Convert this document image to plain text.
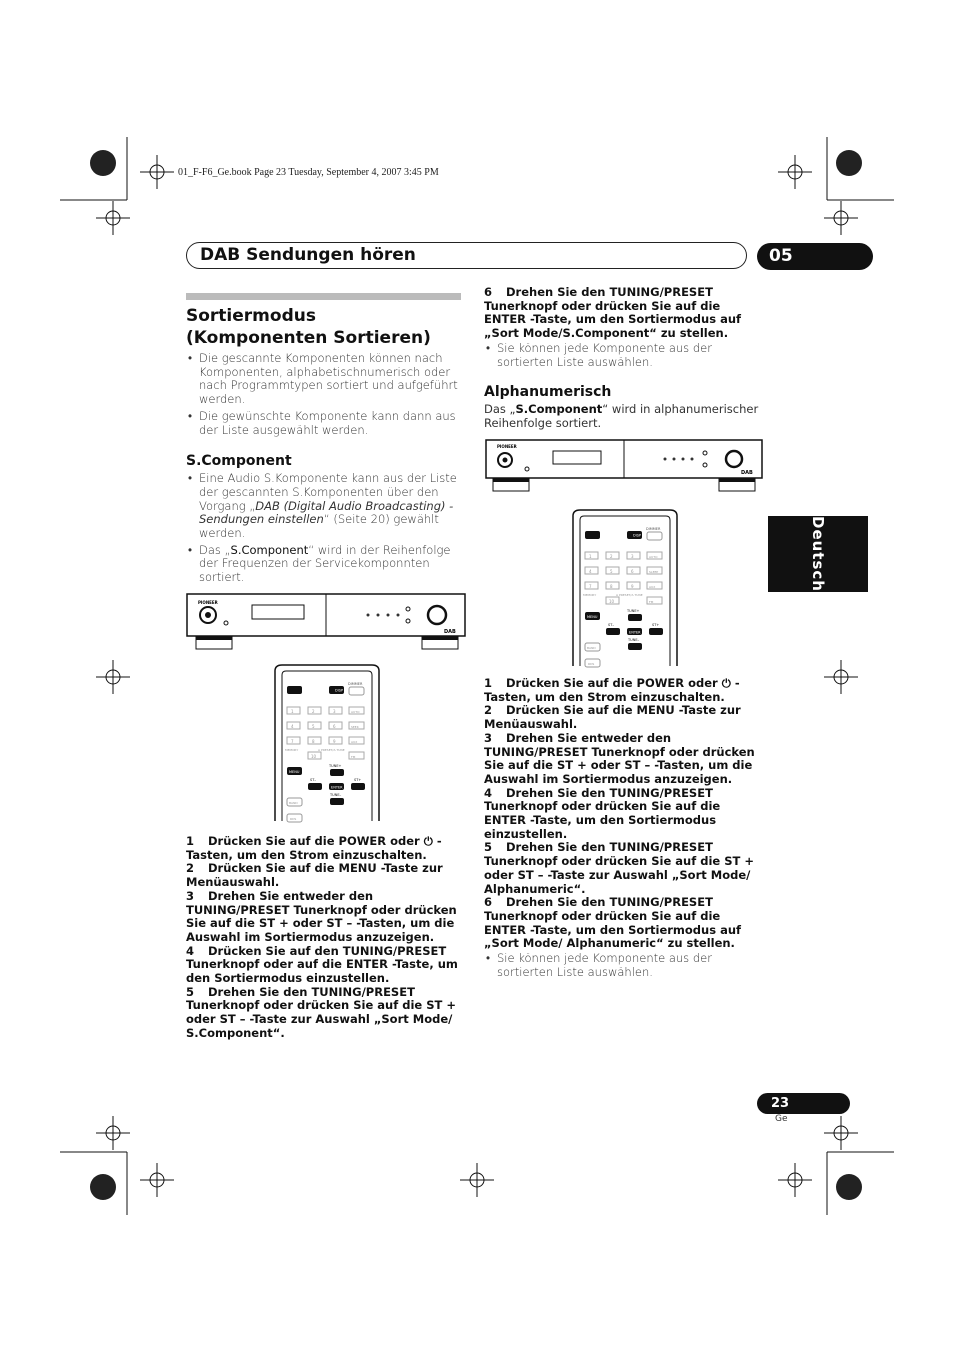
01_F-F6_Ge.book Page 23 Tuesday, September 4, 2007 3:45 PM
DAB Sendungen hören	05
Deutsch
Sortiermodus (Komponenten Sortieren)
• Die gescannte Komponenten können nach Komponenten, alphabetischnumerisch oder nach Programmtypen sortiert und aufgeführt werden.
• Die gewünschte Komponente kann dann aus der Liste ausgewählt werden.
S.Component
• Eine Audio S.Komponente kann aus der Liste der gescannten S.Komponenten über den Vorgang „DAB (Digital Audio Broadcasting) -Sendungen einstellen“ (Seite 20) gewählt werden.
• Das „S.Component“ wird in der Reihenfolge der Frequenzen der Servicekomponnten sortiert.
PIONEER
DAB
DISP
DIMMER
1	2	3	AUTO
4	5	6	SEEK
7	8	9	AUX
10	FM
MEMORY	A PRESET/A TUNE
MENU
TUNE+
ST–	ST+
ENTER
TUNE–
BAND
RDS

1 Drücken Sie auf die POWER oder ⏻ -Tasten, um den Strom einzuschalten.

2 Drücken Sie auf die MENU -Taste zur Menüauswahl.

3 Drehen Sie entweder den TUNING/PRESET Tunerknopf oder drücken Sie auf die ST + oder ST – -Tasten, um die Auswahl im Sortiermodus anzuzeigen.

4 Drücken Sie auf den TUNING/PRESET Tunerknopf oder auf die ENTER -Taste, um den Sortiermodus einzustellen.

5 Drehen Sie den TUNING/PRESET Tunerknopf oder drücken Sie auf die ST + oder ST – -Taste zur Auswahl „Sort Mode/ S.Component“.

6 Drehen Sie den TUNING/PRESET Tunerknopf oder drücken Sie auf die ENTER -Taste, um den Sortiermodus auf „Sort Mode/S.Component“ zu stellen.

• Sie können jede Komponente aus der sortierten Liste auswählen.
Alphanumerisch

Das „S.Component“ wird in alphanumerischer Reihenfolge sortiert.

PIONEER
DAB
DISP
DIMMER
1	2	3	AUTO
4	5	6	SLEEP
7	8	9	AUX
10	FM
MEMORY	A PRESET/A TUNE
MENU
TUNE+
ST–	ST+
ENTER
TUNE–
BAND
RDS

1 Drücken Sie auf die POWER oder ⏻ -Tasten, um den Strom einzuschalten.

2 Drücken Sie auf die MENU -Taste zur Menüauswahl.

3 Drehen Sie entweder den TUNING/PRESET Tunerknopf oder drücken Sie auf die ST + oder ST – -Tasten, um die Auswahl im Sortiermodus anzuzeigen.

4 Drehen Sie den TUNING/PRESET Tunerknopf oder drücken Sie auf die ENTER -Taste, um den Sortiermodus einzustellen.

5 Drehen Sie den TUNING/PRESET Tunerknopf oder drücken Sie auf die ST + oder ST – -Taste zur Auswahl „Sort Mode/ Alphanumeric“.

6 Drehen Sie den TUNING/PRESET Tunerknopf oder drücken Sie auf die ENTER -Taste, um den Sortiermodus auf „Sort Mode/ Alphanumeric“ zu stellen.

• Sie können jede Komponente aus der sortierten Liste auswählen.
23
Ge
